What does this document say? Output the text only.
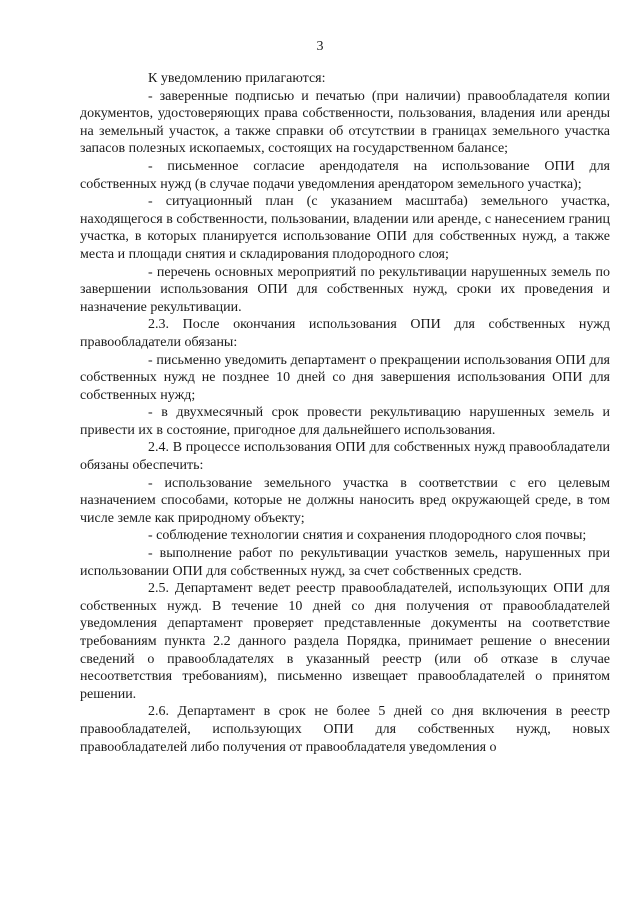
3

К уведомлению прилагаются:

- заверенные подписью и печатью (при наличии) правообладателя копии документов, удостоверяющих права собственности, пользования, владения или аренды на земельный участок, а также справки об отсутствии в границах земельного участка запасов полезных ископаемых, состоящих на государственном балансе;

- письменное согласие арендодателя на использование ОПИ для собственных нужд (в случае подачи уведомления арендатором земельного участка);

- ситуационный план (с указанием масштаба) земельного участка, находящегося в собственности, пользовании, владении или аренде, с нанесением границ участка, в которых планируется использование ОПИ для собственных нужд, а также места и площади снятия и складирования плодородного слоя;

- перечень основных мероприятий по рекультивации нарушенных земель по завершении использования ОПИ для собственных нужд, сроки их проведения и назначение рекультивации.

2.3. После окончания использования ОПИ для собственных нужд правообладатели обязаны:

- письменно уведомить департамент о прекращении использования ОПИ для собственных нужд не позднее 10 дней со дня завершения использования ОПИ для собственных нужд;

- в двухмесячный срок провести рекультивацию нарушенных земель и привести их в состояние, пригодное для дальнейшего использования.

2.4. В процессе использования ОПИ для собственных нужд правообладатели обязаны обеспечить:

- использование земельного участка в соответствии с его целевым назначением способами, которые не должны наносить вред окружающей среде, в том числе земле как природному объекту;

- соблюдение технологии снятия и сохранения плодородного слоя почвы;

- выполнение работ по рекультивации участков земель, нарушенных при использовании ОПИ для собственных нужд, за счет собственных средств.

2.5. Департамент ведет реестр правообладателей, использующих ОПИ для собственных нужд. В течение 10 дней со дня получения от правообладателей уведомления департамент проверяет представленные документы на соответствие требованиям пункта 2.2 данного раздела Порядка, принимает решение о внесении сведений о правообладателях в указанный реестр (или об отказе в случае несоответствия требованиям), письменно извещает правообладателей о принятом решении.

2.6. Департамент в срок не более 5 дней со дня включения в реестр правообладателей, использующих ОПИ для собственных нужд, новых правообладателей либо получения от правообладателя уведомления о
